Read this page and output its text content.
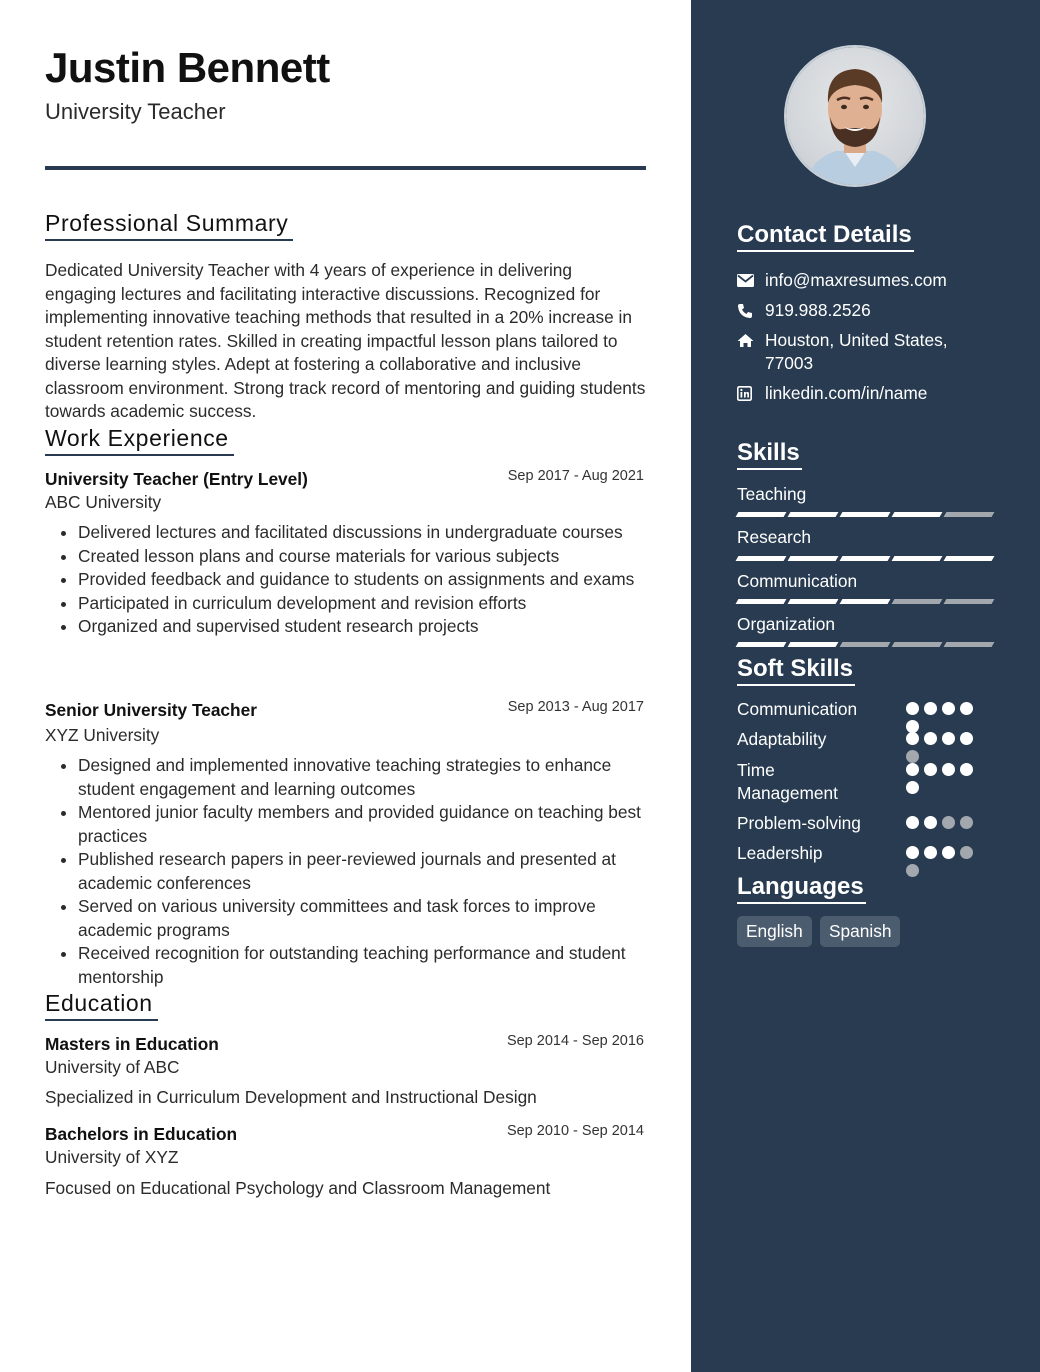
Justin Bennett
University Teacher
Professional Summary

Dedicated University Teacher with 4 years of experience in delivering engaging lectures and facilitating interactive discussions. Recognized for implementing innovative teaching methods that resulted in a 20% increase in student retention rates. Skilled in creating impactful lesson plans tailored to diverse learning styles. Adept at fostering a collaborative and inclusive classroom environment. Strong track record of mentoring and guiding students towards academic success.

Work Experience
University Teacher (Entry Level)	Sep 2017 - Aug 2021
ABC University
• Delivered lectures and facilitated discussions in undergraduate courses
• Created lesson plans and course materials for various subjects
• Provided feedback and guidance to students on assignments and exams
• Participated in curriculum development and revision efforts
• Organized and supervised student research projects
Senior University Teacher	Sep 2013 - Aug 2017
XYZ University
• Designed and implemented innovative teaching strategies to enhance student engagement and learning outcomes
• Mentored junior faculty members and provided guidance on teaching best practices
• Published research papers in peer-reviewed journals and presented at academic conferences
• Served on various university committees and task forces to improve academic programs
• Received recognition for outstanding teaching performance and student mentorship
Education
Masters in Education	Sep 2014 - Sep 2016
University of ABC
Specialized in Curriculum Development and Instructional Design
Bachelors in Education	Sep 2010 - Sep 2014
University of XYZ
Focused on Educational Psychology and Classroom Management
Contact Details
info@maxresumes.com
919.988.2526
Houston, United States, 77003
linkedin.com/in/name
Skills
Teaching
Research
Communication
Organization
Soft Skills
Communication
Adaptability
Time Management
Problem-solving
Leadership
Languages
English	Spanish
